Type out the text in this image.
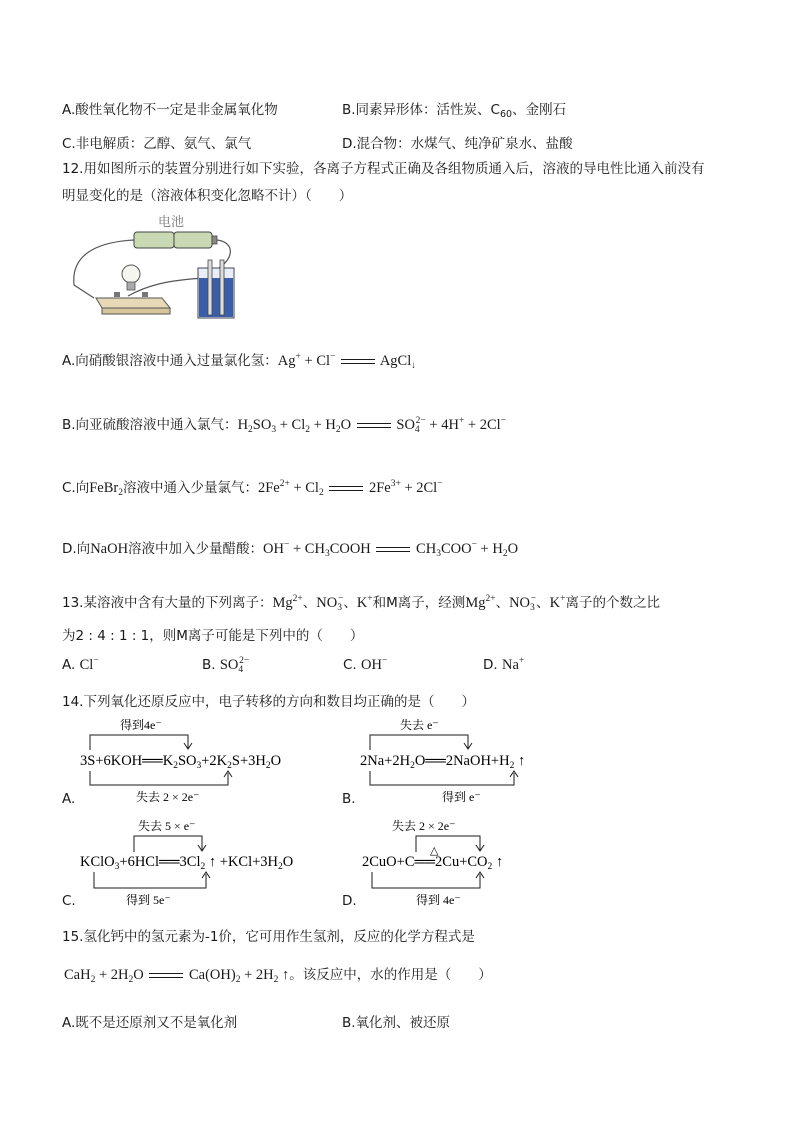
A.酸性氧化物不一定是非金属氧化物	B.同素异形体：活性炭、$C_{60}$、金刚石
C.非电解质：乙醇、氨气、氯气	D.混合物：水煤气、纯净矿泉水、盐酸
12.用如图所示的装置分别进行如下实验，各离子方程式正确及各组物质通入后，溶液的导电性比通入前没有
明显变化的是（溶液体积变化忽略不计）（　　）
电池
A.向硝酸银溶液中通入过量氯化氢：Ag+ + Cl−	AgCl$_↓$
B.向亚硫酸溶液中通入氯气：$H_2SO_3 + Cl_2 + H_2O$	$SO_4^{2-} + 4H^+ + 2Cl^-$
C.向FeBr$_2$溶液中通入少量氯气：$2Fe^{2+} + Cl_2$	$2Fe^{3+} + 2Cl^-$
D.向NaOH溶液中加入少量醋酸：$OH^- + CH_3COOH$	$CH_3COO^- + H_2O$
13.某溶液中含有大量的下列离子：$Mg^{2+}$、$NO_3^-$、K+和M离子，经测$Mg^{2+}$、$NO_3^-$、K+离子的个数之比
为2 : 4 : 1 : 1，则M离子可能是下列中的（　　）
A. Cl−	B. $SO_4^{2-}$	C. OH−	D. Na+
14.下列氧化还原反应中，电子转移的方向和数目均正确的是（　　）
A.
得到4e⁻
$3S+6KOH══K_2SO_3+2K_2S+3H_2O$
失去 2 × 2e⁻	B.
失去 e⁻
$2Na+2H_2O══2NaOH+H_2$ ↑
得到 e⁻
C.
失去 5 × e⁻
$KClO_3+6HCl══3Cl_2$ ↑ $+KCl+3H_2O$
得到 5e⁻	D.
失去 2 × 2e⁻
△
$2CuO+C══2Cu+CO_2$ ↑
得到 4e⁻
15.氢化钙中的氢元素为-1价，它可用作生氢剂，反应的化学方程式是
$CaH_2 + 2H_2O$	$Ca(OH)_2 + 2H_2$ ↑。该反应中，水的作用是（　　）
A.既不是还原剂又不是氧化剂	B.氧化剂、被还原
